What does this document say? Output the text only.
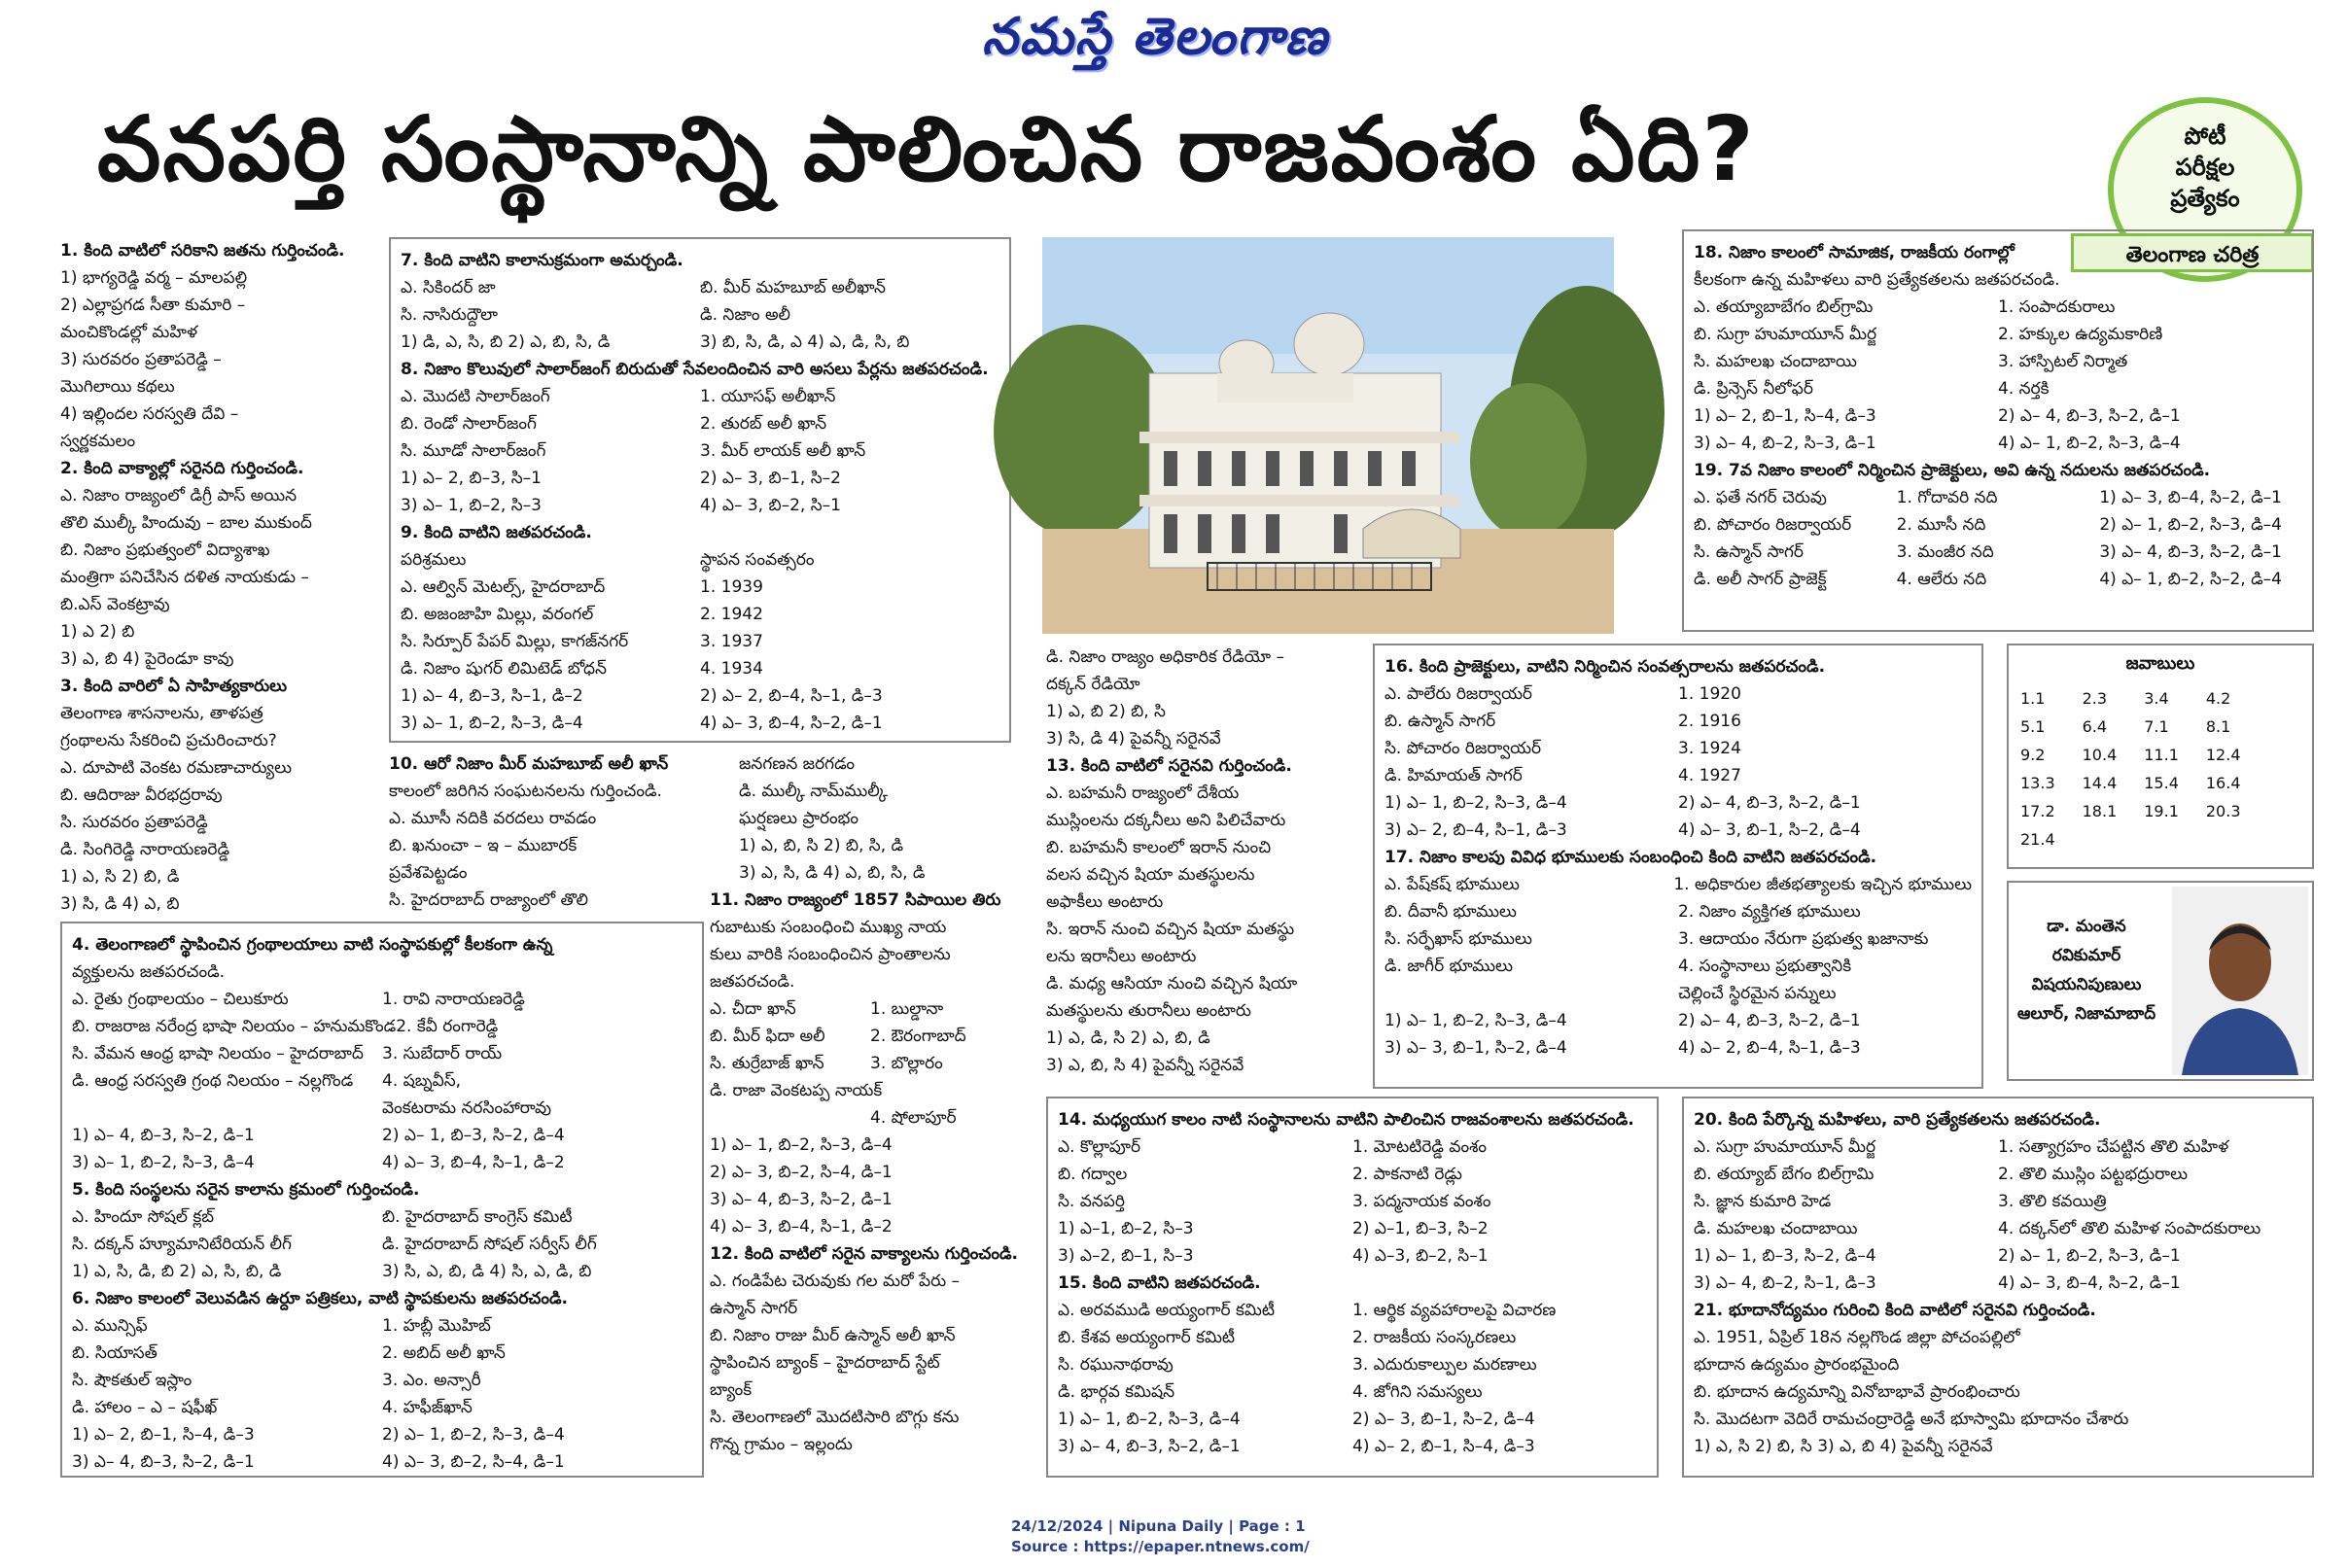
నమస్తే తెలంగాణ
వనపర్తి సంస్థానాన్ని పాలించిన రాజవంశం ఏది?	పోటీ
పరీక్షల
ప్రత్యేకం
తెలంగాణ చరిత్ర
1. కింది వాటిలో సరికాని జతను గుర్తించండి.
1) భాగ్యరెడ్డి వర్మ – మాలపల్లి
2) ఎల్లాప్రగడ సీతా కుమారి –
మంచికొండల్లో మహిళ
3) సురవరం ప్రతాపరెడ్డి –
మొగిలాయి కథలు
4) ఇల్లిందల సరస్వతి దేవి –
స్వర్ణకమలం
2. కింది వాక్యాల్లో సరైనది గుర్తించండి.
ఎ. నిజాం రాజ్యంలో డిగ్రీ పాస్ అయిన
తొలి ముల్కీ హిందువు – బాల ముకుంద్
బి. నిజాం ప్రభుత్వంలో విద్యాశాఖ
మంత్రిగా పనిచేసిన దళిత నాయకుడు –
బి.ఎస్ వెంకట్రావు
1) ఎ 2) బి
3) ఎ, బి 4) పైరెండూ కావు
3. కింది వారిలో ఏ సాహిత్యకారులు
తెలంగాణ శాసనాలను, తాళపత్ర
గ్రంథాలను సేకరించి ప్రచురించారు?
ఎ. దూపాటి వెంకట రమణాచార్యులు
బి. ఆదిరాజు వీరభద్రరావు
సి. సురవరం ప్రతాపరెడ్డి
డి. సింగిరెడ్డి నారాయణరెడ్డి
1) ఎ, సి 2) బి, డి
3) సి, డి 4) ఎ, బి
7. కింది వాటిని కాలానుక్రమంగా అమర్చండి.
ఎ. సికిందర్ జా	బి. మీర్ మహబూబ్ అలీఖాన్
సి. నాసిరుద్దౌలా	డి. నిజాం అలీ
1) డి, ఎ, సి, బి 2) ఎ, బి, సి, డి	3) బి, సి, డి, ఎ 4) ఎ, డి, సి, బి
8. నిజాం కొలువులో సాలార్‌జంగ్ బిరుదుతో సేవలందించిన వారి అసలు పేర్లను జతపరచండి.
ఎ. మొదటి సాలార్‌జంగ్	1. యూసఫ్ అలీఖాన్
బి. రెండో సాలార్‌జంగ్	2. తురబ్ అలీ ఖాన్
సి. మూడో సాలార్‌జంగ్	3. మీర్ లాయక్ అలీ ఖాన్
1) ఎ– 2, బి–3, సి–1	2) ఎ– 3, బి–1, సి–2
3) ఎ– 1, బి–2, సి–3	4) ఎ– 3, బి–2, సి–1
9. కింది వాటిని జతపరచండి.
పరిశ్రమలు	స్థాపన సంవత్సరం
ఎ. ఆల్విన్ మెటల్స్, హైదరాబాద్	1. 1939
బి. అజంజాహి మిల్లు, వరంగల్	2. 1942
సి. సిర్పూర్ పేపర్ మిల్లు, కాగజ్‌నగర్	3. 1937
డి. నిజాం షుగర్ లిమిటెడ్ బోధన్	4. 1934
1) ఎ– 4, బి–3, సి–1, డి–2	2) ఎ– 2, బి–4, సి–1, డి–3
3) ఎ– 1, బి–2, సి–3, డి–4	4) ఎ– 3, బి–4, సి–2, డి–1
10. ఆరో నిజాం మీర్ మహబూబ్ అలీ ఖాన్
కాలంలో జరిగిన సంఘటనలను గుర్తించండి.
ఎ. మూసీ నదికి వరదలు రావడం
బి. ఖనుంచా – ఇ – ముబారక్
ప్రవేశపెట్టడం
సి. హైదరాబాద్ రాజ్యాంలో తొలి
జనగణన జరగడం
డి. ముల్కీ నామ్‌ముల్కీ
ఘర్షణలు ప్రారంభం
1) ఎ, బి, సి 2) బి, సి, డి
3) ఎ, సి, డి 4) ఎ, బి, సి, డి
11. నిజాం రాజ్యంలో 1857 సిపాయిల తిరు
గుబాటుకు సంబంధించి ముఖ్య నాయ
కులు వారికి సంబంధించిన ప్రాంతాలను
జతపరచండి.
ఎ. చీదా ఖాన్	1. బుల్డానా
బి. మీర్ ఫిదా అలీ	2. ఔరంగాబాద్
సి. తుర్రేబాజ్ ఖాన్	3. బొల్లారం
డి. రాజా వెంకటప్ప నాయక్
4. షోలాపూర్
1) ఎ– 1, బి–2, సి–3, డి–4
2) ఎ– 3, బి–2, సి–4, డి–1
3) ఎ– 4, బి–3, సి–2, డి–1
4) ఎ– 3, బి–4, సి–1, డి–2
12. కింది వాటిలో సరైన వాక్యాలను గుర్తించండి.
ఎ. గండిపేట చెరువుకు గల మరో పేరు –
ఉస్మాన్ సాగర్
బి. నిజాం రాజు మీర్ ఉస్మాన్ అలీ ఖాన్
స్థాపించిన బ్యాంక్ – హైదరాబాద్ స్టేట్
బ్యాంక్
సి. తెలంగాణలో మొదటిసారి బొగ్గు కను
గొన్న గ్రామం – ఇల్లందు
4. తెలంగాణలో స్థాపించిన గ్రంథాలయాలు వాటి సంస్థాపకుల్లో కీలకంగా ఉన్న
వ్యక్తులను జతపరచండి.
ఎ. రైతు గ్రంథాలయం – చిలుకూరు	1. రావి నారాయణరెడ్డి
బి. రాజరాజ నరేంద్ర భాషా నిలయం – హనుమకొండ 2. కేవీ రంగారెడ్డి
సి. వేమన ఆంధ్ర భాషా నిలయం – హైదరాబాద్	3. సుబేదార్ రాయ్
డి. ఆంధ్ర సరస్వతి గ్రంథ నిలయం – నల్లగొండ	4. షబ్నవీస్,
వెంకటరామ నరసింహారావు
1) ఎ– 4, బి–3, సి–2, డి–1	2) ఎ– 1, బి–3, సి–2, డి–4
3) ఎ– 1, బి–2, సి–3, డి–4	4) ఎ– 3, బి–4, సి–1, డి–2
5. కింది సంస్థలను సరైన కాలాను క్రమంలో గుర్తించండి.
ఎ. హిందూ సోషల్ క్లబ్	బి. హైదరాబాద్ కాంగ్రెస్ కమిటీ
సి. దక్కన్ హ్యూమానిటేరియన్ లీగ్	డి. హైదరాబాద్ సోషల్ సర్వీస్ లీగ్
1) ఎ, సి, డి, బి 2) ఎ, సి, బి, డి	3) సి, ఎ, బి, డి 4) సి, ఎ, డి, బి
6. నిజాం కాలంలో వెలువడిన ఉర్దూ పత్రికలు, వాటి స్థాపకులను జతపరచండి.
ఎ. మున్సిఫ్	1. హబ్లీ మొహిబ్
బి. సియాసత్	2. అబిద్ అలీ ఖాన్
సి. షౌకతుల్ ఇస్లాం	3. ఎం. అన్సారీ
డి. హాలం – ఎ – షఫీఖ్	4. హఫీజ్‌ఖాన్
1) ఎ– 2, బి–1, సి–4, డి–3	2) ఎ– 1, బి–2, సి–3, డి–4
3) ఎ– 4, బి–3, సి–2, డి–1	4) ఎ– 3, బి–2, సి–4, డి–1
డి. నిజాం రాజ్యం అధికారిక రేడియో –
దక్కన్ రేడియో
1) ఎ, బి 2) బి, సి
3) సి, డి 4) పైవన్నీ సరైనవే
13. కింది వాటిలో సరైనవి గుర్తించండి.
ఎ. బహమనీ రాజ్యంలో దేశీయ
ముస్లింలను దక్కనీలు అని పిలిచేవారు
బి. బహమనీ కాలంలో ఇరాన్ నుంచి
వలస వచ్చిన షియా మతస్థులను
అఫాకీలు అంటారు
సి. ఇరాన్ నుంచి వచ్చిన షియా మతస్థు
లను ఇరానీలు అంటారు
డి. మధ్య ఆసియా నుంచి వచ్చిన షియా
మతస్థులను తురానీలు అంటారు
1) ఎ, డి, సి 2) ఎ, బి, డి
3) ఎ, బి, సి 4) పైవన్నీ సరైనవే
14. మధ్యయుగ కాలం నాటి సంస్థానాలను వాటిని పాలించిన రాజవంశాలను జతపరచండి.
ఎ. కొల్లాపూర్	1. మోటటిరెడ్డి వంశం
బి. గద్వాల	2. పాకనాటి రెడ్లు
సి. వనపర్తి	3. పద్మనాయక వంశం
1) ఎ–1, బి–2, సి–3	2) ఎ–1, బి–3, సి–2
3) ఎ–2, బి–1, సి–3	4) ఎ–3, బి–2, సి–1
15. కింది వాటిని జతపరచండి.
ఎ. అరవముడి అయ్యంగార్ కమిటీ	1. ఆర్థిక వ్యవహారాలపై విచారణ
బి. కేశవ అయ్యంగార్ కమిటీ	2. రాజకీయ సంస్కరణలు
సి. రఘునాథరావు	3. ఎదురుకాల్పుల మరణాలు
డి. భార్గవ కమిషన్	4. జోగిని సమస్యలు
1) ఎ– 1, బి–2, సి–3, డి–4	2) ఎ– 3, బి–1, సి–2, డి–4
3) ఎ– 4, బి–3, సి–2, డి–1	4) ఎ– 2, బి–1, సి–4, డి–3
16. కింది ప్రాజెక్టులు, వాటిని నిర్మించిన సంవత్సరాలను జతపరచండి.
ఎ. పాలేరు రిజర్వాయర్	1. 1920
బి. ఉస్మాన్ సాగర్	2. 1916
సి. పోచారం రిజర్వాయర్	3. 1924
డి. హిమాయత్ సాగర్	4. 1927
1) ఎ– 1, బి–2, సి–3, డి–4	2) ఎ– 4, బి–3, సి–2, డి–1
3) ఎ– 2, బి–4, సి–1, డి–3	4) ఎ– 3, బి–1, సి–2, డి–4
17. నిజాం కాలపు వివిధ భూములకు సంబంధించి కింది వాటిని జతపరచండి.
ఎ. పేష్‌కష్ భూములు	1. అధికారుల జీతభత్యాలకు ఇచ్చిన భూములు
బి. దీవానీ భూములు	2. నిజాం వ్యక్తిగత భూములు
సి. సర్ఫేఖాస్ భూములు	3. ఆదాయం నేరుగా ప్రభుత్వ ఖజానాకు
డి. జాగీర్ భూములు	4. సంస్థానాలు ప్రభుత్వానికి
చెల్లించే స్థిరమైన పన్నులు
1) ఎ– 1, బి–2, సి–3, డి–4	2) ఎ– 4, బి–3, సి–2, డి–1
3) ఎ– 3, బి–1, సి–2, డి–4	4) ఎ– 2, బి–4, సి–1, డి–3
18. నిజాం కాలంలో సామాజిక, రాజకీయ రంగాల్లో
కీలకంగా ఉన్న మహిళలు వారి ప్రత్యేకతలను జతపరచండి.
ఎ. తయ్యాబాబేగం బిల్‌గ్రామి	1. సంపాదకురాలు
బి. సుగ్రా హుమాయూన్ మీర్జ	2. హక్కుల ఉద్యమకారిణి
సి. మహలఖ చందాబాయి	3. హాస్పిటల్ నిర్మాత
డి. ప్రిన్సెస్ నీలోఫర్	4. నర్తకి
1) ఎ– 2, బి–1, సి–4, డి–3	2) ఎ– 4, బి–3, సి–2, డి–1
3) ఎ– 4, బి–2, సి–3, డి–1	4) ఎ– 1, బి–2, సి–3, డి–4
19. 7వ నిజాం కాలంలో నిర్మించిన ప్రాజెక్టులు, అవి ఉన్న నదులను జతపరచండి.
ఎ. ఫతే నగర్ చెరువు	1. గోదావరి నది	1) ఎ– 3, బి–4, సి–2, డి–1
బి. పోచారం రిజర్వాయర్	2. మూసీ నది	2) ఎ– 1, బి–2, సి–3, డి–4
సి. ఉస్మాన్ సాగర్	3. మంజీర నది	3) ఎ– 4, బి–3, సి–2, డి–1
డి. అలీ సాగర్ ప్రాజెక్ట్	4. ఆలేరు నది	4) ఎ– 1, బి–2, సి–2, డి–4
జవాబులు
1.1	2.3	3.4	4.2
5.1	6.4	7.1	8.1
9.2	10.4	11.1	12.4
13.3	14.4	15.4	16.4
17.2	18.1	19.1	20.3
21.4			
డా. మంతెన
రవికుమార్
విషయనిపుణులు
ఆలూర్, నిజామాబాద్
20. కింది పేర్కొన్న మహిళలు, వారి ప్రత్యేకతలను జతపరచండి.
ఎ. సుగ్రా హుమాయూన్ మీర్జ	1. సత్యాగ్రహం చేపట్టిన తొలి మహిళ
బి. తయ్యాబ్ బేగం బిల్‌గ్రామి	2. తొలి ముస్లిం పట్టభద్రురాలు
సి. జ్ఞాన కుమారి హెడ	3. తొలి కవయిత్రి
డి. మహలఖ చందాబాయి	4. దక్కన్‌లో తొలి మహిళ సంపాదకురాలు
1) ఎ– 1, బి–3, సి–2, డి–4	2) ఎ– 1, బి–2, సి–3, డి–1
3) ఎ– 4, బి–2, సి–1, డి–3	4) ఎ– 3, బి–4, సి–2, డి–1
21. భూదానోద్యమం గురించి కింది వాటిలో సరైనవి గుర్తించండి.
ఎ. 1951, ఏప్రిల్ 18న నల్లగొండ జిల్లా పోచంపల్లిలో
భూదాన ఉద్యమం ప్రారంభమైంది
బి. భూదాన ఉద్యమాన్ని వినోబాభావే ప్రారంభించారు
సి. మొదటగా వెదిరే రామచంద్రారెడ్డి అనే భూస్వామి భూదానం చేశారు
1) ఎ, సి 2) బి, సి 3) ఎ, బి 4) పైవన్నీ సరైనవే
24/12/2024 | Nipuna Daily | Page : 1
Source : https://epaper.ntnews.com/
